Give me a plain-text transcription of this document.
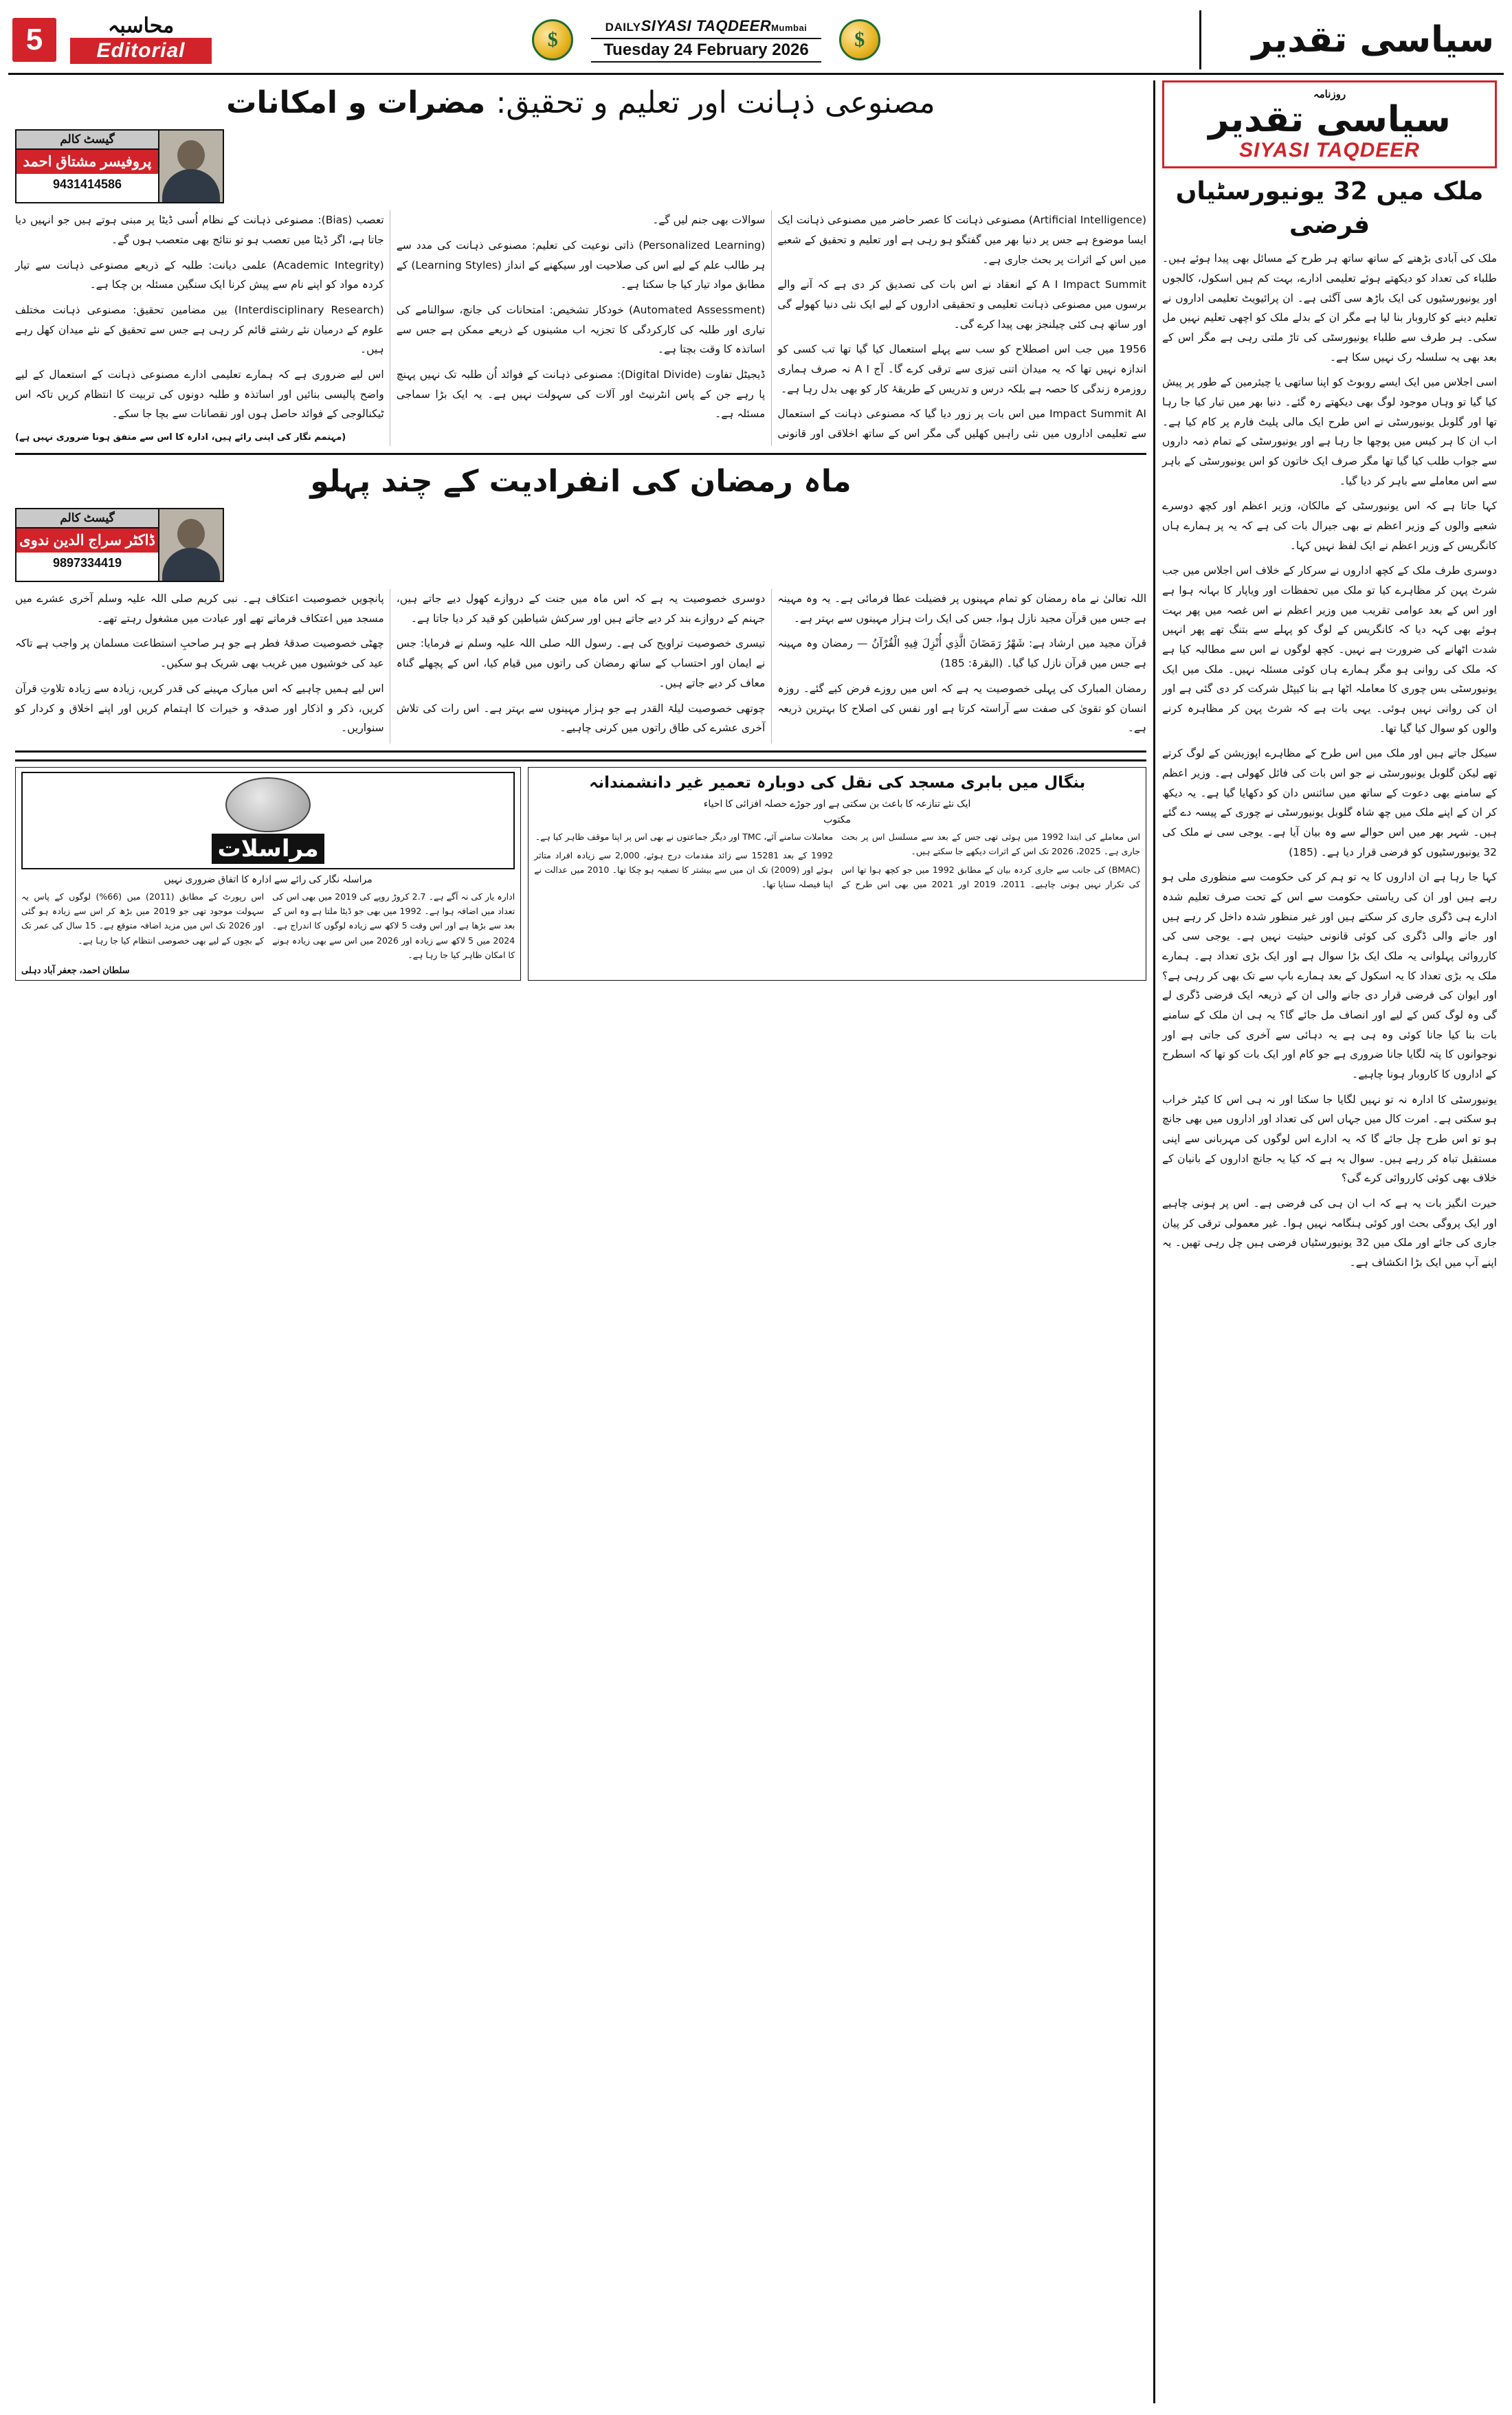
5	محاسبہ
Editorial	$
DAILYSIYASI TAQDEERMumbai
Tuesday 24 February 2026	$	سیاسی تقدیر
روزنامہ
سیاسی تقدیر
SIYASI TAQDEER
ملک میں 32 یونیورسٹیاں فرضی

ملک کی آبادی بڑھنے کے ساتھ ساتھ ہر طرح کے مسائل بھی پیدا ہوئے ہیں۔ طلباء کی تعداد کو دیکھتے ہوئے تعلیمی ادارے، بہت کم ہیں اسکول، کالجوں اور یونیورسٹیوں کی ایک باڑھ سی آگئی ہے۔ ان پرائیویٹ تعلیمی اداروں نے تعلیم دینے کو کاروبار بنا لیا ہے مگر ان کے بدلے ملک کو اچھی تعلیم نہیں مل سکی۔ ہر طرف سے طلباء یونیورسٹی کی تاڑ ملتی رہی ہے مگر اس کے بعد بھی یہ سلسلہ رک نہیں سکا ہے۔

اسی اجلاس میں ایک ایسے روبوٹ کو اپنا ساتھی یا چیئرمین کے طور پر پیش کیا گیا تو وہاں موجود لوگ بھی دیکھتے رہ گئے۔ دنیا بھر میں تیار کیا جا رہا تھا اور گلوبل یونیورسٹی نے اس طرح ایک مالی پلیٹ فارم پر کام کیا ہے۔ اب ان کا ہر کیس میں پوچھا جا رہا ہے اور یونیورسٹی کے تمام ذمہ داروں سے جواب طلب کیا گیا تھا مگر صرف ایک خاتون کو اس یونیورسٹی کے باہر سے اس معاملے سے باہر کر دیا گیا۔

کہا جاتا ہے کہ اس یونیورسٹی کے مالکان، وزیر اعظم اور کچھ دوسرے شعبے والوں کے وزیر اعظم نے بھی جیرال بات کی ہے کہ یہ پر ہمارے ہاں کانگریس کے وزیر اعظم نے ایک لفظ نہیں کہا۔

دوسری طرف ملک کے کچھ اداروں نے سرکار کے خلاف اس اجلاس میں جب شرٹ پہن کر مظاہرے کیا تو ملک میں تحفظات اور ویاپار کا بہانہ ہوا ہے اور اس کے بعد عوامی تقریب میں وزیر اعظم نے اس غصہ میں پھر بہت ہوئے بھی کہہ دیا کہ کانگریس کے لوگ کو پہلے سے بتنگ تھے پھر انہیں شدت اٹھانے کی ضرورت ہے نہیں۔ کچھ لوگوں نے اس سے مطالبہ کیا ہے کہ ملک کی روانی ہو مگر ہمارے ہاں کوئی مسئلہ نہیں۔ ملک میں ایک یونیورسٹی بس چوری کا معاملہ اٹھا ہے بنا کیپٹل شرکت کر دی گئی ہے اور ان کی روانی نہیں ہوئی۔ یہی بات ہے کہ شرٹ پہن کر مظاہرہ کرنے والوں کو سوال کیا گیا تھا۔

سیکل جاتے ہیں اور ملک میں اس طرح کے مظاہرے اپوزیشن کے لوگ کرتے تھے لیکن گلوبل یونیورسٹی نے جو اس بات کی فائل کھولی ہے۔ وزیر اعظم کے سامنے بھی دعوت کے ساتھ میں سائنس دان کو دکھایا گیا ہے۔ یہ دیکھ کر ان کے اپنے ملک میں چھ شاہ گلوبل یونیورسٹی نے چوری کے پیسہ دے گئے ہیں۔ شہر بھر میں اس حوالے سے وہ بیان آیا ہے۔ یوجی سی نے ملک کی 32 یونیورسٹیوں کو فرضی قرار دیا ہے۔ (185)

کہا جا رہا ہے ان اداروں کا یہ تو ہم کر کی حکومت سے منظوری ملی ہو رہے ہیں اور ان کی ریاستی حکومت سے اس کے تحت صرف تعلیم شدہ ادارے ہی ڈگری جاری کر سکتے ہیں اور غیر منظور شدہ داخل کر رہے ہیں اور جانے والی ڈگری کی کوئی قانونی حیثیت نہیں ہے۔ یوجی سی کی کارروائی پہلوانی یہ ملک ایک بڑا سوال ہے اور ایک بڑی تعداد ہے۔ ہمارے ملک یہ بڑی تعداد کا یہ اسکول کے بعد ہمارے باپ سے تک بھی کر رہی ہے؟ اور ایوان کی فرضی قرار دی جانے والی ان کے ذریعہ ایک فرضی ڈگری لے گی وہ لوگ کس کے لیے اور انصاف مل جائے گا؟ یہ ہی ان ملک کے سامنے بات بنا کیا جانا کوئی وہ ہی ہے یہ دہائی سے آخری کی جاتی ہے اور نوجوانوں کا پتہ لگایا جانا ضروری ہے جو کام اور ایک بات کو تھا کہ اسطرح کے اداروں کا کاروبار ہونا چاہیے۔

یونیورسٹی کا ادارہ نہ تو نہیں لگایا جا سکتا اور نہ ہی اس کا کیٹر خراب ہو سکتی ہے۔ امرت کال میں جہاں اس کی تعداد اور اداروں میں بھی جانچ ہو تو اس طرح چل جائے گا کہ یہ ادارے اس لوگوں کی مہربانی سے اپنی مستقبل تباہ کر رہے ہیں۔ سوال یہ ہے کہ کیا یہ جانچ اداروں کے بانیان کے خلاف بھی کوئی کارروائی کرے گی؟

حیرت انگیز بات یہ ہے کہ اب ان ہی کی فرضی ہے۔ اس پر ہونی چاہیے اور ایک پروگی بحث اور کوئی ہنگامہ نہیں ہوا۔ غیر معمولی ترقی کر پیان جاری کی جائے اور ملک میں 32 یونیورسٹیاں فرضی ہیں چل رہی تھیں۔ یہ اپنے آپ میں ایک بڑا انکشاف ہے۔

مصنوعی ذہانت اور تعلیم و تحقیق: مضرات و امکانات
گیسٹ کالم
پروفیسر مشتاق احمد
9431414586

(Artificial Intelligence) مصنوعی ذہانت کا عصر حاضر میں مصنوعی ذہانت ایک ایسا موضوع ہے جس پر دنیا بھر میں گفتگو ہو رہی ہے اور تعلیم و تحقیق کے شعبے میں اس کے اثرات پر بحث جاری ہے۔

A I Impact Summit کے انعقاد نے اس بات کی تصدیق کر دی ہے کہ آنے والے برسوں میں مصنوعی ذہانت تعلیمی و تحقیقی اداروں کے لیے ایک نئی دنیا کھولے گی اور ساتھ ہی کئی چیلنجز بھی پیدا کرے گی۔

1956 میں جب اس اصطلاح کو سب سے پہلے استعمال کیا گیا تھا تب کسی کو اندازہ نہیں تھا کہ یہ میدان اتنی تیزی سے ترقی کرے گا۔ آج A I نہ صرف ہماری روزمرہ زندگی کا حصہ ہے بلکہ درس و تدریس کے طریقۂ کار کو بھی بدل رہا ہے۔

Impact Summit AI میں اس بات پر زور دیا گیا کہ مصنوعی ذہانت کے استعمال سے تعلیمی اداروں میں نئی راہیں کھلیں گی مگر اس کے ساتھ اخلاقی اور قانونی سوالات بھی جنم لیں گے۔

(Personalized Learning) ذاتی نوعیت کی تعلیم: مصنوعی ذہانت کی مدد سے ہر طالب علم کے لیے اس کی صلاحیت اور سیکھنے کے انداز (Learning Styles) کے مطابق مواد تیار کیا جا سکتا ہے۔

(Automated Assessment) خودکار تشخیص: امتحانات کی جانچ، سوالنامے کی تیاری اور طلبہ کی کارکردگی کا تجزیہ اب مشینوں کے ذریعے ممکن ہے جس سے اساتذہ کا وقت بچتا ہے۔

ڈیجیٹل تفاوت (Digital Divide): مصنوعی ذہانت کے فوائد اُن طلبہ تک نہیں پہنچ پا رہے جن کے پاس انٹرنیٹ اور آلات کی سہولت نہیں ہے۔ یہ ایک بڑا سماجی مسئلہ ہے۔

تعصب (Bias): مصنوعی ذہانت کے نظام اُسی ڈیٹا پر مبنی ہوتے ہیں جو انہیں دیا جاتا ہے، اگر ڈیٹا میں تعصب ہو تو نتائج بھی متعصب ہوں گے۔

(Academic Integrity) علمی دیانت: طلبہ کے ذریعے مصنوعی ذہانت سے تیار کردہ مواد کو اپنے نام سے پیش کرنا ایک سنگین مسئلہ بن چکا ہے۔

(Interdisciplinary Research) بین مضامین تحقیق: مصنوعی ذہانت مختلف علوم کے درمیان نئے رشتے قائم کر رہی ہے جس سے تحقیق کے نئے میدان کھل رہے ہیں۔

اس لیے ضروری ہے کہ ہمارے تعلیمی ادارے مصنوعی ذہانت کے استعمال کے لیے واضح پالیسی بنائیں اور اساتذہ و طلبہ دونوں کی تربیت کا انتظام کریں تاکہ اس ٹیکنالوجی کے فوائد حاصل ہوں اور نقصانات سے بچا جا سکے۔

(مہتمم نگار کی اپنی رائے ہیں، ادارہ کا اس سے متفق ہونا ضروری نہیں ہے)

ماہ رمضان کی انفرادیت کے چند پہلو
گیسٹ کالم
ڈاکٹر سراج الدین ندوی
9897334419

اللہ تعالیٰ نے ماہ رمضان کو تمام مہینوں پر فضیلت عطا فرمائی ہے۔ یہ وہ مہینہ ہے جس میں قرآن مجید نازل ہوا، جس کی ایک رات ہزار مہینوں سے بہتر ہے۔

قرآن مجید میں ارشاد ہے: شَهْرُ رَمَضَانَ الَّذِي أُنْزِلَ فِيهِ الْقُرْآنُ — رمضان وہ مہینہ ہے جس میں قرآن نازل کیا گیا۔ (البقرۃ: 185)

رمضان المبارک کی پہلی خصوصیت یہ ہے کہ اس میں روزے فرض کیے گئے۔ روزہ انسان کو تقویٰ کی صفت سے آراستہ کرتا ہے اور نفس کی اصلاح کا بہترین ذریعہ ہے۔

دوسری خصوصیت یہ ہے کہ اس ماہ میں جنت کے دروازے کھول دیے جاتے ہیں، جہنم کے دروازے بند کر دیے جاتے ہیں اور سرکش شیاطین کو قید کر دیا جاتا ہے۔

تیسری خصوصیت تراویح کی ہے۔ رسول اللہ صلی اللہ علیہ وسلم نے فرمایا: جس نے ایمان اور احتساب کے ساتھ رمضان کی راتوں میں قیام کیا، اس کے پچھلے گناہ معاف کر دیے جاتے ہیں۔

چوتھی خصوصیت لیلۃ القدر ہے جو ہزار مہینوں سے بہتر ہے۔ اس رات کی تلاش آخری عشرے کی طاق راتوں میں کرنی چاہیے۔

پانچویں خصوصیت اعتکاف ہے۔ نبی کریم صلی اللہ علیہ وسلم آخری عشرے میں مسجد میں اعتکاف فرماتے تھے اور عبادت میں مشغول رہتے تھے۔

چھٹی خصوصیت صدقۂ فطر ہے جو ہر صاحبِ استطاعت مسلمان پر واجب ہے تاکہ عید کی خوشیوں میں غریب بھی شریک ہو سکیں۔

اس لیے ہمیں چاہیے کہ اس مبارک مہینے کی قدر کریں، زیادہ سے زیادہ تلاوتِ قرآن کریں، ذکر و اذکار اور صدقہ و خیرات کا اہتمام کریں اور اپنے اخلاق و کردار کو سنواریں۔

بنگال میں بابری مسجد کی نقل کی دوبارہ تعمیر غیر دانشمندانہ
ایک نئے تنازعہ کا باعث بن سکتی ہے اور جوڑے حصلہ افزائی کا احیاء
مکتوب

اس معاملے کی ابتدا 1992 میں ہوئی تھی جس کے بعد سے مسلسل اس پر بحث جاری ہے۔ 2025، 2026 تک اس کے اثرات دیکھے جا سکتے ہیں۔

(BMAC) کی جانب سے جاری کردہ بیان کے مطابق 1992 میں جو کچھ ہوا تھا اس کی تکرار نہیں ہونی چاہیے۔ 2011، 2019 اور 2021 میں بھی اس طرح کے معاملات سامنے آئے، TMC اور دیگر جماعتوں نے بھی اس پر اپنا موقف ظاہر کیا ہے۔

1992 کے بعد 15281 سے زائد مقدمات درج ہوئے، 2,000 سے زیادہ افراد متاثر ہوئے اور (2009) تک ان میں سے بیشتر کا تصفیہ ہو چکا تھا۔ 2010 میں عدالت نے اپنا فیصلہ سنایا تھا۔

مراسلات
مراسلہ نگار کی رائے سے ادارہ کا اتفاق ضروری نہیں

ادارہ یار کی نہ آگے ہے۔ 2.7 کروڑ روپے کی 2019 میں بھی اس کی تعداد میں اضافہ ہوا ہے۔ 1992 میں بھی جو ڈیٹا ملتا ہے وہ اس کے بعد سے بڑھا ہے اور اس وقت 5 لاکھ سے زیادہ لوگوں کا اندراج ہے۔ 2024 میں 5 لاکھ سے زیادہ اور 2026 میں اس سے بھی زیادہ ہونے کا امکان ظاہر کیا جا رہا ہے۔

اس رپورٹ کے مطابق (2011) میں (66%) لوگوں کے پاس یہ سہولت موجود تھی جو 2019 میں بڑھ کر اس سے زیادہ ہو گئی اور 2026 تک اس میں مزید اضافہ متوقع ہے۔ 15 سال کی عمر تک کے بچوں کے لیے بھی خصوصی انتظام کیا جا رہا ہے۔

سلطان احمد، جعفر آباد دہلی
